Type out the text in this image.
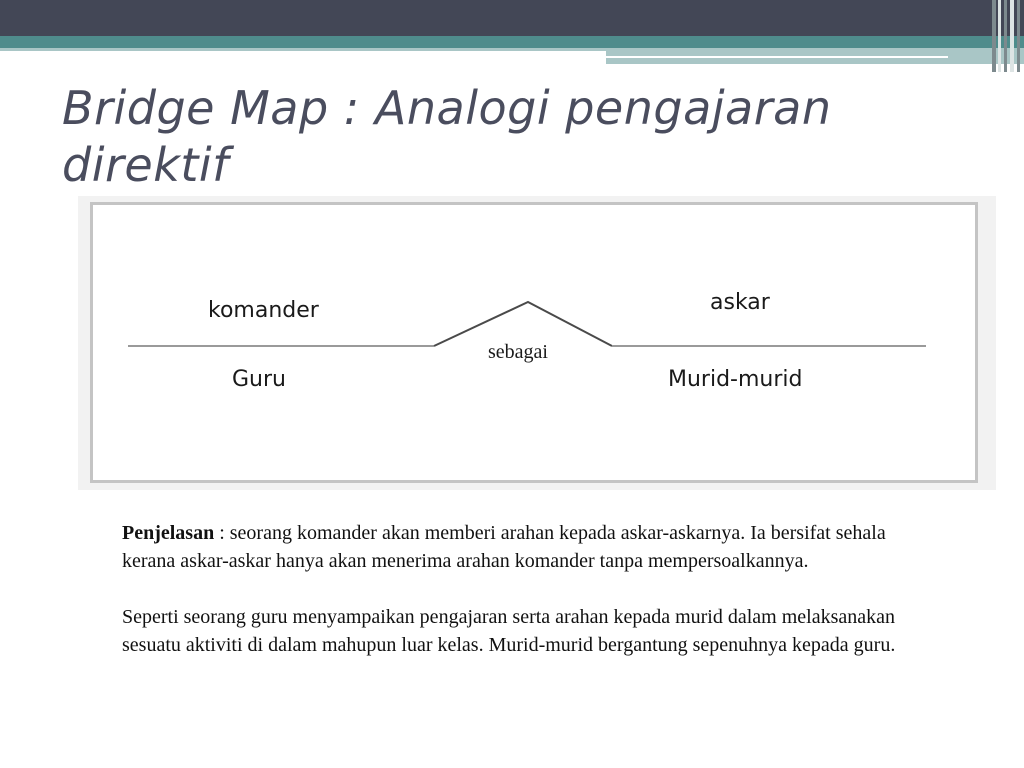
Bridge Map : Analogi pengajaran direktif
komander
Guru
askar
Murid-murid
sebagai

Penjelasan : seorang komander akan memberi arahan kepada askar-askarnya. Ia bersifat sehala kerana askar-askar hanya akan menerima arahan komander tanpa mempersoalkannya.

Seperti seorang guru menyampaikan pengajaran serta arahan kepada murid dalam melaksanakan sesuatu aktiviti di dalam mahupun luar kelas. Murid-murid bergantung sepenuhnya kepada guru.
